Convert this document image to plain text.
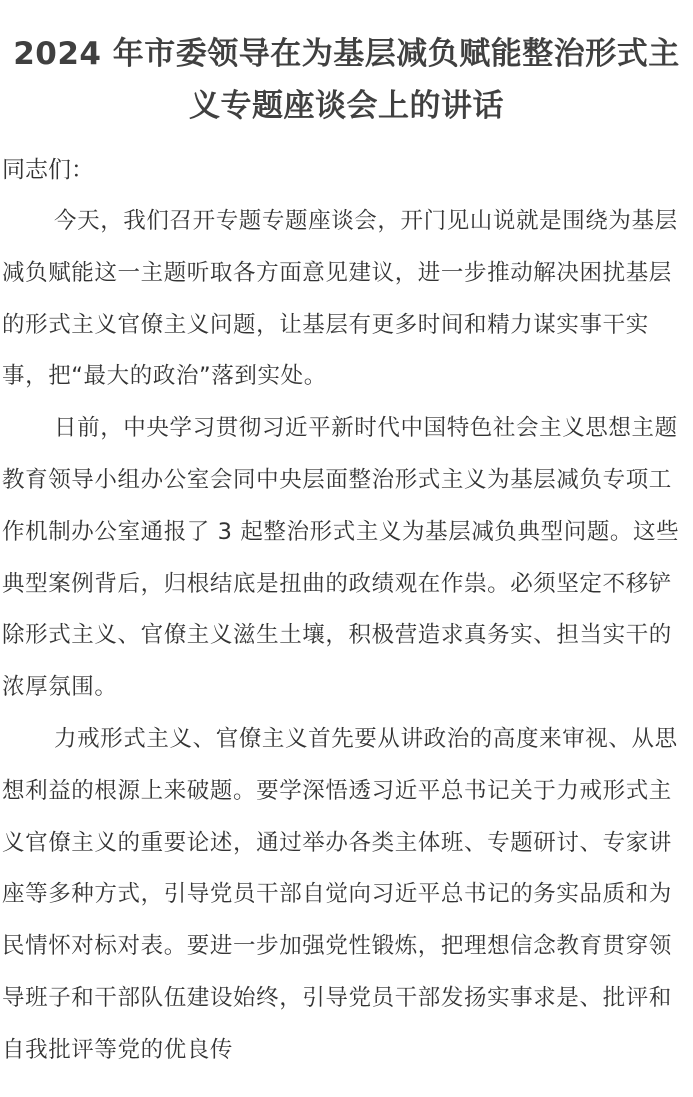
2024 年市委领导在为基层减负赋能整治形式主义专题座谈会上的讲话

同志们：

今天，我们召开专题专题座谈会，开门见山说就是围绕为基层减负赋能这一主题听取各方面意见建议，进一步推动解决困扰基层的形式主义官僚主义问题，让基层有更多时间和精力谋实事干实事，把“最大的政治”落到实处。

日前，中央学习贯彻习近平新时代中国特色社会主义思想主题教育领导小组办公室会同中央层面整治形式主义为基层减负专项工作机制办公室通报了 3 起整治形式主义为基层减负典型问题。这些典型案例背后，归根结底是扭曲的政绩观在作祟。必须坚定不移铲除形式主义、官僚主义滋生土壤，积极营造求真务实、担当实干的浓厚氛围。

力戒形式主义、官僚主义首先要从讲政治的高度来审视、从思想利益的根源上来破题。要学深悟透习近平总书记关于力戒形式主义官僚主义的重要论述，通过举办各类主体班、专题研讨、专家讲座等多种方式，引导党员干部自觉向习近平总书记的务实品质和为民情怀对标对表。要进一步加强党性锻炼，把理想信念教育贯穿领导班子和干部队伍建设始终，引导党员干部发扬实事求是、批评和自我批评等党的优良传
